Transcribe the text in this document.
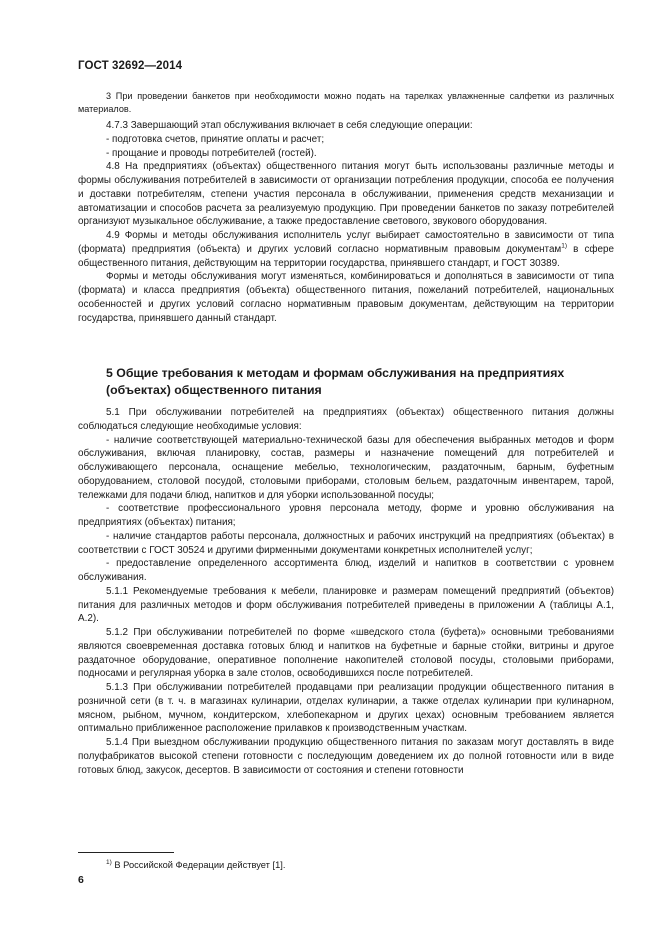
ГОСТ 32692—2014

3 При проведении банкетов при необходимости можно подать на тарелках увлажненные салфетки из различных материалов.

4.7.3 Завершающий этап обслуживания включает в себя следующие операции:

- подготовка счетов, принятие оплаты и расчет;

- прощание и проводы потребителей (гостей).

4.8 На предприятиях (объектах) общественного питания могут быть использованы различные методы и формы обслуживания потребителей в зависимости от организации потребления продукции, способа ее получения и доставки потребителям, степени участия персонала в обслуживании, применения средств механизации и автоматизации и способов расчета за реализуемую продукцию. При проведении банкетов по заказу потребителей организуют музыкальное обслуживание, а также предоставление светового, звукового оборудования.

4.9 Формы и методы обслуживания исполнитель услуг выбирает самостоятельно в зависимости от типа (формата) предприятия (объекта) и других условий согласно нормативным правовым документам$^{1)}$ в сфере общественного питания, действующим на территории государства, принявшего стандарт, и ГОСТ 30389.

Формы и методы обслуживания могут изменяться, комбинироваться и дополняться в зависимости от типа (формата) и класса предприятия (объекта) общественного питания, пожеланий потребителей, национальных особенностей и других условий согласно нормативным правовым документам, действующим на территории государства, принявшего данный стандарт.

5 Общие требования к методам и формам обслуживания на предприятиях (объектах) общественного питания

5.1 При обслуживании потребителей на предприятиях (объектах) общественного питания должны соблюдаться следующие необходимые условия:

- наличие соответствующей материально-технической базы для обеспечения выбранных методов и форм обслуживания, включая планировку, состав, размеры и назначение помещений для потребителей и обслуживающего персонала, оснащение мебелью, технологическим, раздаточным, барным, буфетным оборудованием, столовой посудой, столовыми приборами, столовым бельем, раздаточным инвентарем, тарой, тележками для подачи блюд, напитков и для уборки использованной посуды;

- соответствие профессионального уровня персонала методу, форме и уровню обслуживания на предприятиях (объектах) питания;

- наличие стандартов работы персонала, должностных и рабочих инструкций на предприятиях (объектах) в соответствии с ГОСТ 30524 и другими фирменными документами конкретных исполнителей услуг;

- предоставление определенного ассортимента блюд, изделий и напитков в соответствии с уровнем обслуживания.

5.1.1 Рекомендуемые требования к мебели, планировке и размерам помещений предприятий (объектов) питания для различных методов и форм обслуживания потребителей приведены в приложении А (таблицы А.1, А.2).

5.1.2 При обслуживании потребителей по форме «шведского стола (буфета)» основными требованиями являются своевременная доставка готовых блюд и напитков на буфетные и барные стойки, витрины и другое раздаточное оборудование, оперативное пополнение накопителей столовой посуды, столовыми приборами, подносами и регулярная уборка в зале столов, освободившихся после потребителей.

5.1.3 При обслуживании потребителей продавцами при реализации продукции общественного питания в розничной сети (в т. ч. в магазинах кулинарии, отделах кулинарии, а также отделах кулинарии при кулинарном, мясном, рыбном, мучном, кондитерском, хлебопекарном и других цехах) основным требованием является оптимально приближенное расположение прилавков к производственным участкам.

5.1.4 При выездном обслуживании продукцию общественного питания по заказам могут доставлять в виде полуфабрикатов высокой степени готовности с последующим доведением их до полной готовности или в виде готовых блюд, закусок, десертов. В зависимости от состояния и степени готовности

$^{1)}$ В Российской Федерации действует [1].
6
